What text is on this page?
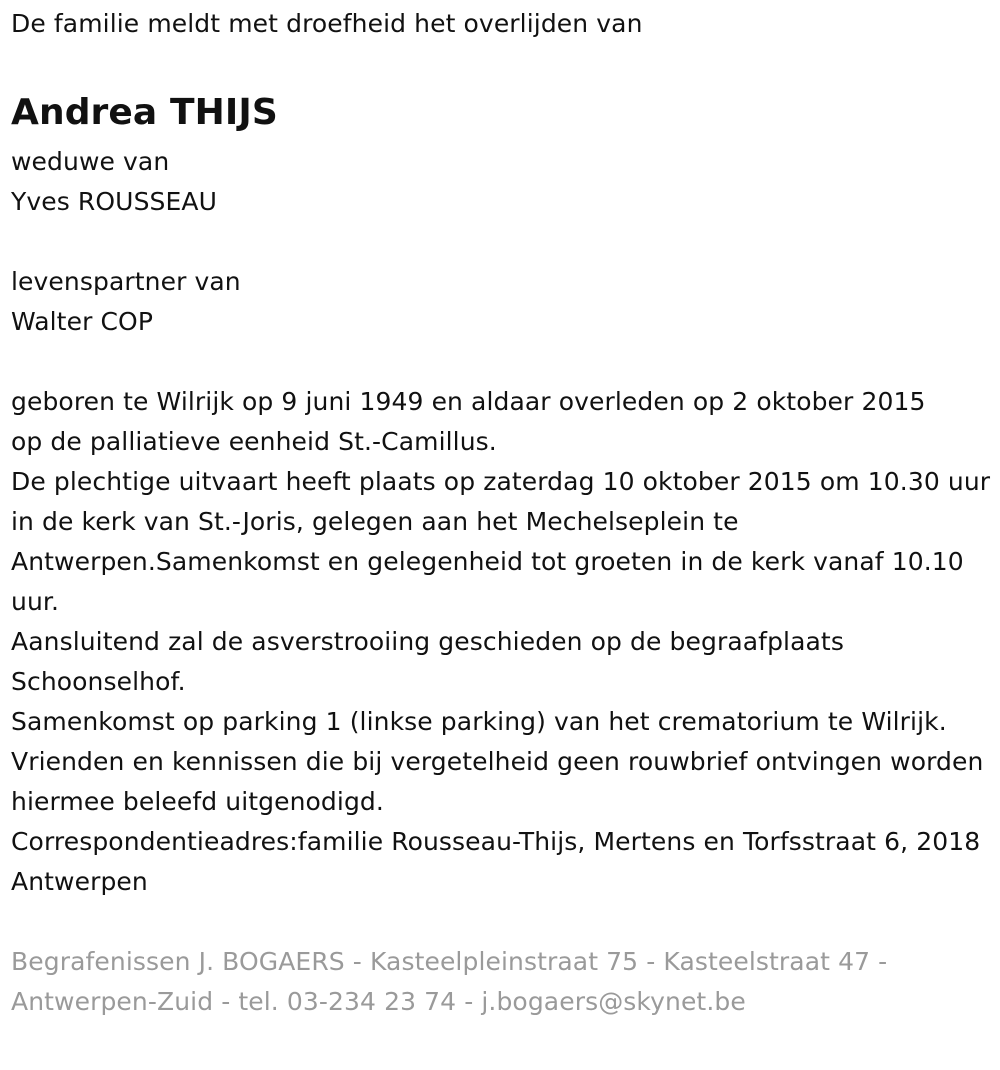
De familie meldt met droefheid het overlijden van
Andrea THIJS
weduwe van
Yves ROUSSEAU
levenspartner van
Walter COP
geboren te Wilrijk op 9 juni 1949 en aldaar overleden op 2 oktober 2015
op de palliatieve eenheid St.-Camillus.
De plechtige uitvaart heeft plaats op zaterdag 10 oktober 2015 om 10.30 uur in de kerk van St.-Joris, gelegen aan het Mechelseplein te Antwerpen.Samenkomst en gelegenheid tot groeten in de kerk vanaf 10.10 uur.
Aansluitend zal de asverstrooiing geschieden op de begraafplaats Schoonselhof.
Samenkomst op parking 1 (linkse parking) van het crematorium te Wilrijk.
Vrienden en kennissen die bij vergetelheid geen rouwbrief ontvingen worden hiermee beleefd uitgenodigd.
Correspondentieadres:familie Rousseau-Thijs, Mertens en Torfsstraat 6, 2018 Antwerpen
Begrafenissen J. BOGAERS - Kasteelpleinstraat 75 - Kasteelstraat 47 - Antwerpen-Zuid - tel. 03-234 23 74 - j.bogaers@skynet.be
